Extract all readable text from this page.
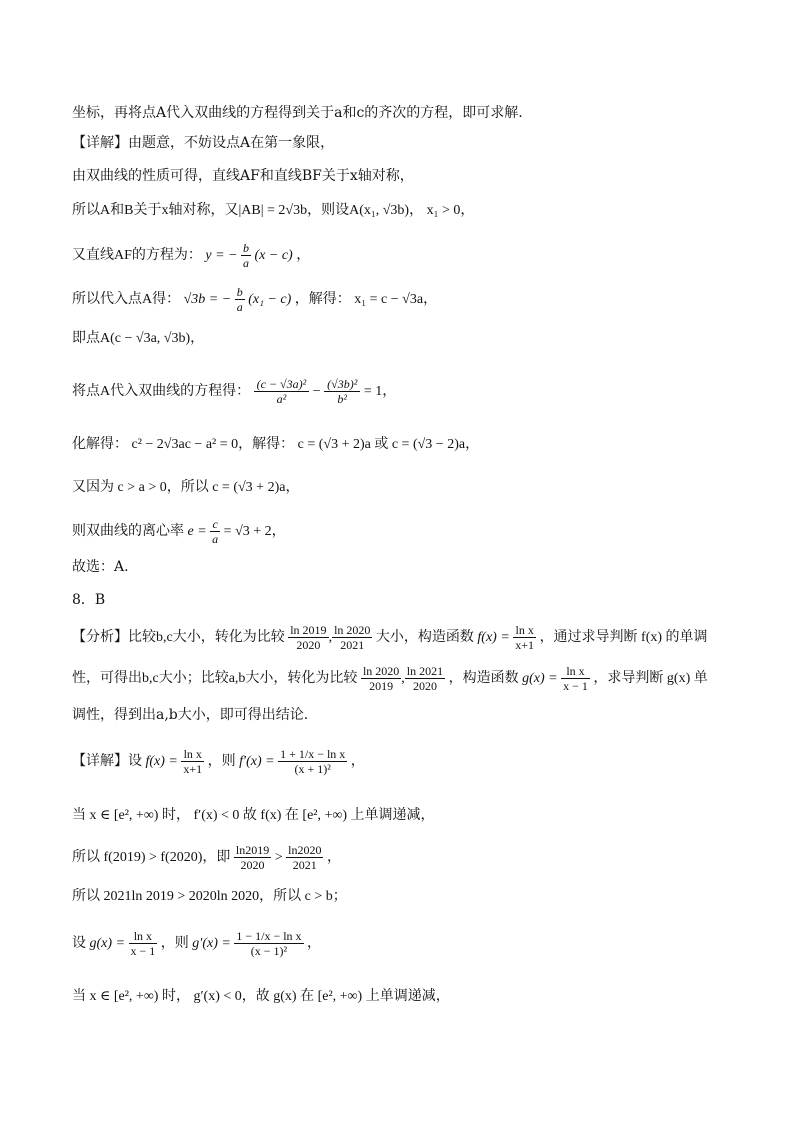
坐标，再将点A代入双曲线的方程得到关于a和c的齐次的方程，即可求解.
【详解】由题意，不妨设点A在第一象限，
由双曲线的性质可得，直线AF和直线BF关于x轴对称，
所以A和B关于x轴对称，又|AB| = 2√3b，则设A(x₁, √3b)， x₁ > 0，
又直线AF的方程为： y = − $\frac{b}{a} (x - c)$ ，
所以代入点A得： √3b = − $\frac{b}{a} (x_1 - c)$ ，解得： x₁ = c − √3a，
即点A(c − √3a, √3b)，
将点A代入双曲线的方程得： $\frac{\text{(c − √3a)²}}{\text{a²}} - \frac{\text{(√3b)²}}{\text{b²}} = 1$，
化解得： c² − 2√3ac − a² = 0，解得： c = (√3 + 2)a 或 c = (√3 − 2)a，
又因为 c > a > 0，所以 c = (√3 + 2)a，
则双曲线的离心率 $e = \frac{c}{a} = √3 + 2$，
故选：A.
8．B
【分析】比较b,c大小，转化为比较 $\frac{\ln 2019}{2020}$ , $\frac{\ln 2020}{2021}$ 大小，构造函数 $f(x) = \frac{\text{ln x}}{x+1}$ ，通过求导判断 f(x) 的单调
性，可得出b,c大小；比较a,b大小，转化为比较 $\frac{\ln 2020}{2019}$ , $\frac{\ln 2021}{2020}$ ，构造函数 $g(x) = \frac{\text{ln x}}{x - 1}$ ，求导判断 g(x) 单
调性，得到出a,b大小，即可得出结论.
【详解】设 $f(x) = \frac{\text{ln x}}{x+1}$ ，则 $f'(x) = \frac{\text{1 + 1/x − ln x}}{\text{(x + 1)²}}$ ，
当 x ∈ [e², +∞) 时， f′(x) < 0 故 f(x) 在 [e², +∞) 上单调递减，
所以 f(2019) > f(2020)，即 $\frac{\ln 2019}{2020} > \frac{\ln 2020}{2021}$ ，
所以 2021ln 2019 > 2020ln 2020，所以 c > b；
设 $g(x) = \frac{\text{ln x}}{x - 1}$ ，则 $g'(x) = \frac{\text{1 − 1/x − ln x}}{\text{(x − 1)²}}$ ，
当 x ∈ [e², +∞) 时， g′(x) < 0，故 g(x) 在 [e², +∞) 上单调递减，
